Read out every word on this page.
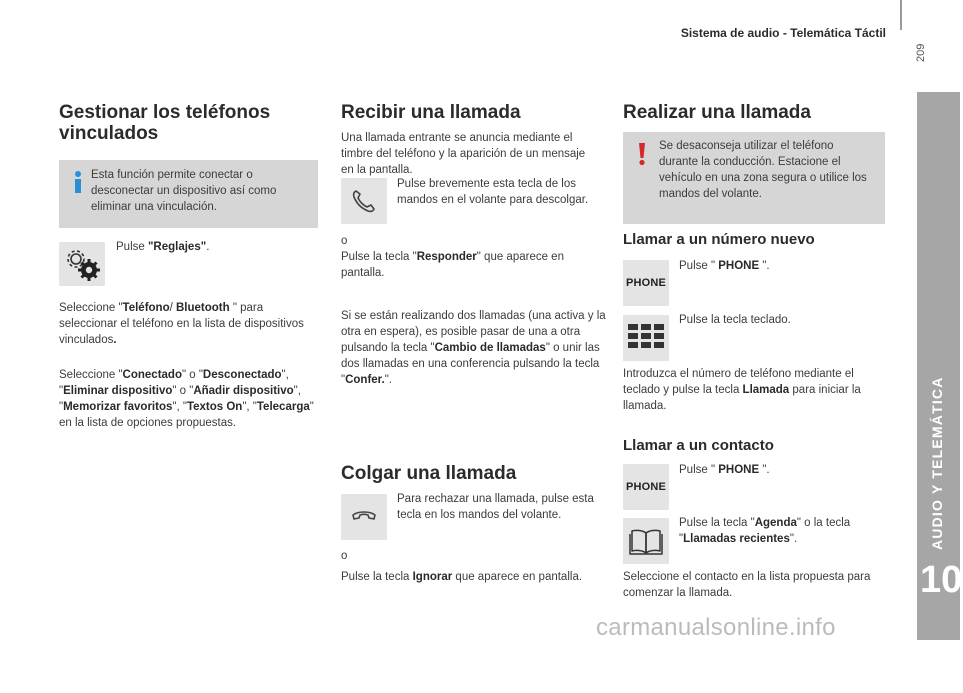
Sistema de audio - Telemática Táctil
209
AUDIO Y TELEMÁTICA
10
10
Gestionar los teléfonos vinculados
Esta función permite conectar o desconectar un dispositivo así como eliminar una vinculación.
Pulse "Reglajes".
Seleccione "Teléfono/ Bluetooth " para seleccionar el teléfono en la lista de dispositivos vinculados.
Seleccione "Conectado" o "Desconectado", "Eliminar dispositivo" o "Añadir dispositivo", "Memorizar favoritos", "Textos On", "Telecarga" en la lista de opciones propuestas.
Recibir una llamada
Una llamada entrante se anuncia mediante el timbre del teléfono y la aparición de un mensaje en la pantalla.
Pulse brevemente esta tecla de los mandos en el volante para descolgar.
o
Pulse la tecla "Responder" que aparece en pantalla.
Si se están realizando dos llamadas (una activa y la otra en espera), es posible pasar de una a otra pulsando la tecla "Cambio de llamadas" o unir las dos llamadas en una conferencia pulsando la tecla "Confer.".
Colgar una llamada
Para rechazar una llamada, pulse esta tecla en los mandos del volante.
o
Pulse la tecla Ignorar que aparece en pantalla.
Realizar una llamada
Se desaconseja utilizar el teléfono durante la conducción. Estacione el vehículo en una zona segura o utilice los mandos del volante.
Llamar a un número nuevo
PHONE
Pulse " PHONE ".
Pulse la tecla teclado.
Introduzca el número de teléfono mediante el teclado y pulse la tecla Llamada para iniciar la llamada.
Llamar a un contacto
PHONE
Pulse " PHONE ".
Pulse la tecla "Agenda" o la tecla "Llamadas recientes".
Seleccione el contacto en la lista propuesta para comenzar la llamada.
carmanualsonline.info
